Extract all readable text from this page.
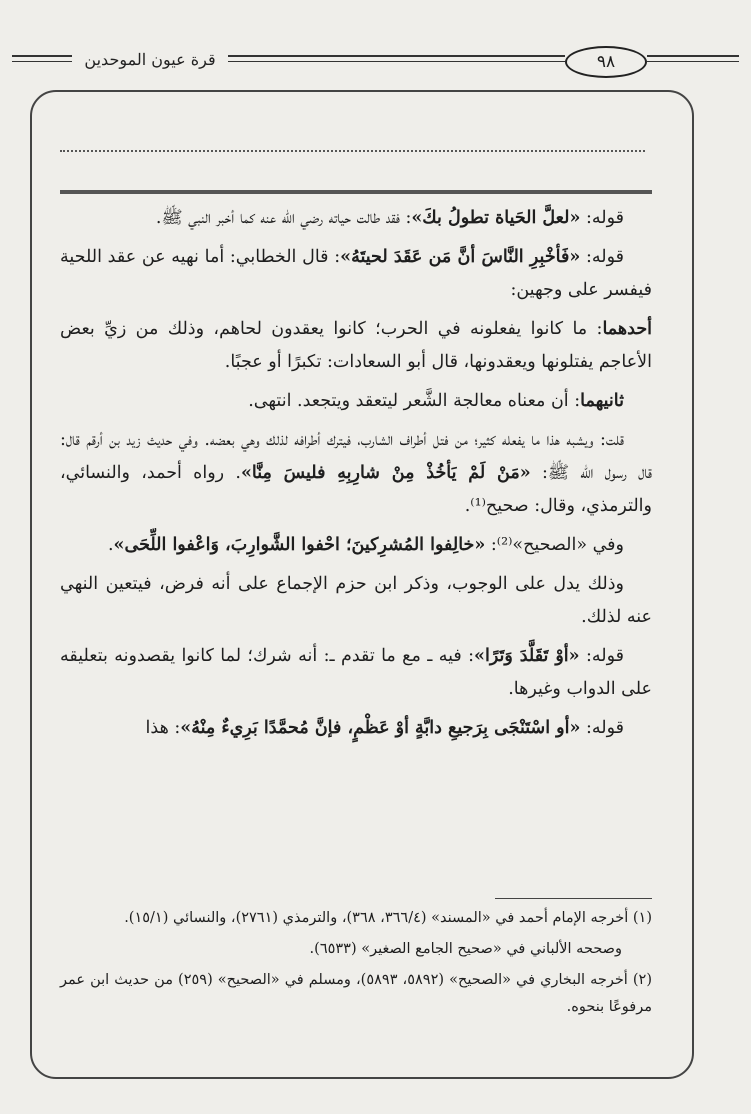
قرة عيون الموحدين	٩٨

قوله: «لعلَّ الحَياة تطولُ بكَ»: فقد طالت حياته رضي الله عنه كما أخبر النبي ﷺ.

قوله: «فَأخْبِرِ النَّاسَ أنَّ مَن عَقَدَ لحيتَهُ»: قال الخطابي: أما نهيه عن عقد اللحية فيفسر على وجهين:

أحدهما: ما كانوا يفعلونه في الحرب؛ كانوا يعقدون لحاهم، وذلك من زيِّ بعض الأعاجم يفتلونها ويعقدونها، قال أبو السعادات: تكبرًا أو عجبًا.

ثانيهما: أن معناه معالجة الشَّعر ليتعقد ويتجعد. انتهى.

قلت: ويشبه هذا ما يفعله كثير؛ من فتل أطراف الشارب، فيترك أطرافه لذلك وهي بعضه. وفي حديث زيد بن أرقم قال: قال رسول الله ﷺ: «مَنْ لَمْ يَأخُذْ مِنْ شارِبِهِ فليسَ مِنَّا». رواه أحمد، والنسائي، والترمذي، وقال: صحيح⁽¹⁾.

وفي «الصحيح»⁽²⁾: «خالِفوا المُشرِكينَ؛ احْفوا الشَّوارِبَ، وَاعْفوا اللِّحَى».

وذلك يدل على الوجوب، وذكر ابن حزم الإجماع على أنه فرض، فيتعين النهي عنه لذلك.

قوله: «أوْ تَقَلَّدَ وَتَرًا»: فيه ـ مع ما تقدم ـ: أنه شرك؛ لما كانوا يقصدونه بتعليقه على الدواب وغيرها.

قوله: «أو اسْتَنْجَى بِرَجيعِ دابَّةٍ أوْ عَظْمٍ، فإنَّ مُحمَّدًا بَرِيءٌ مِنْهُ»: هذا

(١) أخرجه الإمام أحمد في «المسند» (٣٦٦/٤، ٣٦٨)، والترمذي (٢٧٦١)، والنسائي (١٥/١).

وصححه الألباني في «صحيح الجامع الصغير» (٦٥٣٣).

(٢) أخرجه البخاري في «الصحيح» (٥٨٩٢، ٥٨٩٣)، ومسلم في «الصحيح» (٢٥٩) من حديث ابن عمر مرفوعًا بنحوه.
